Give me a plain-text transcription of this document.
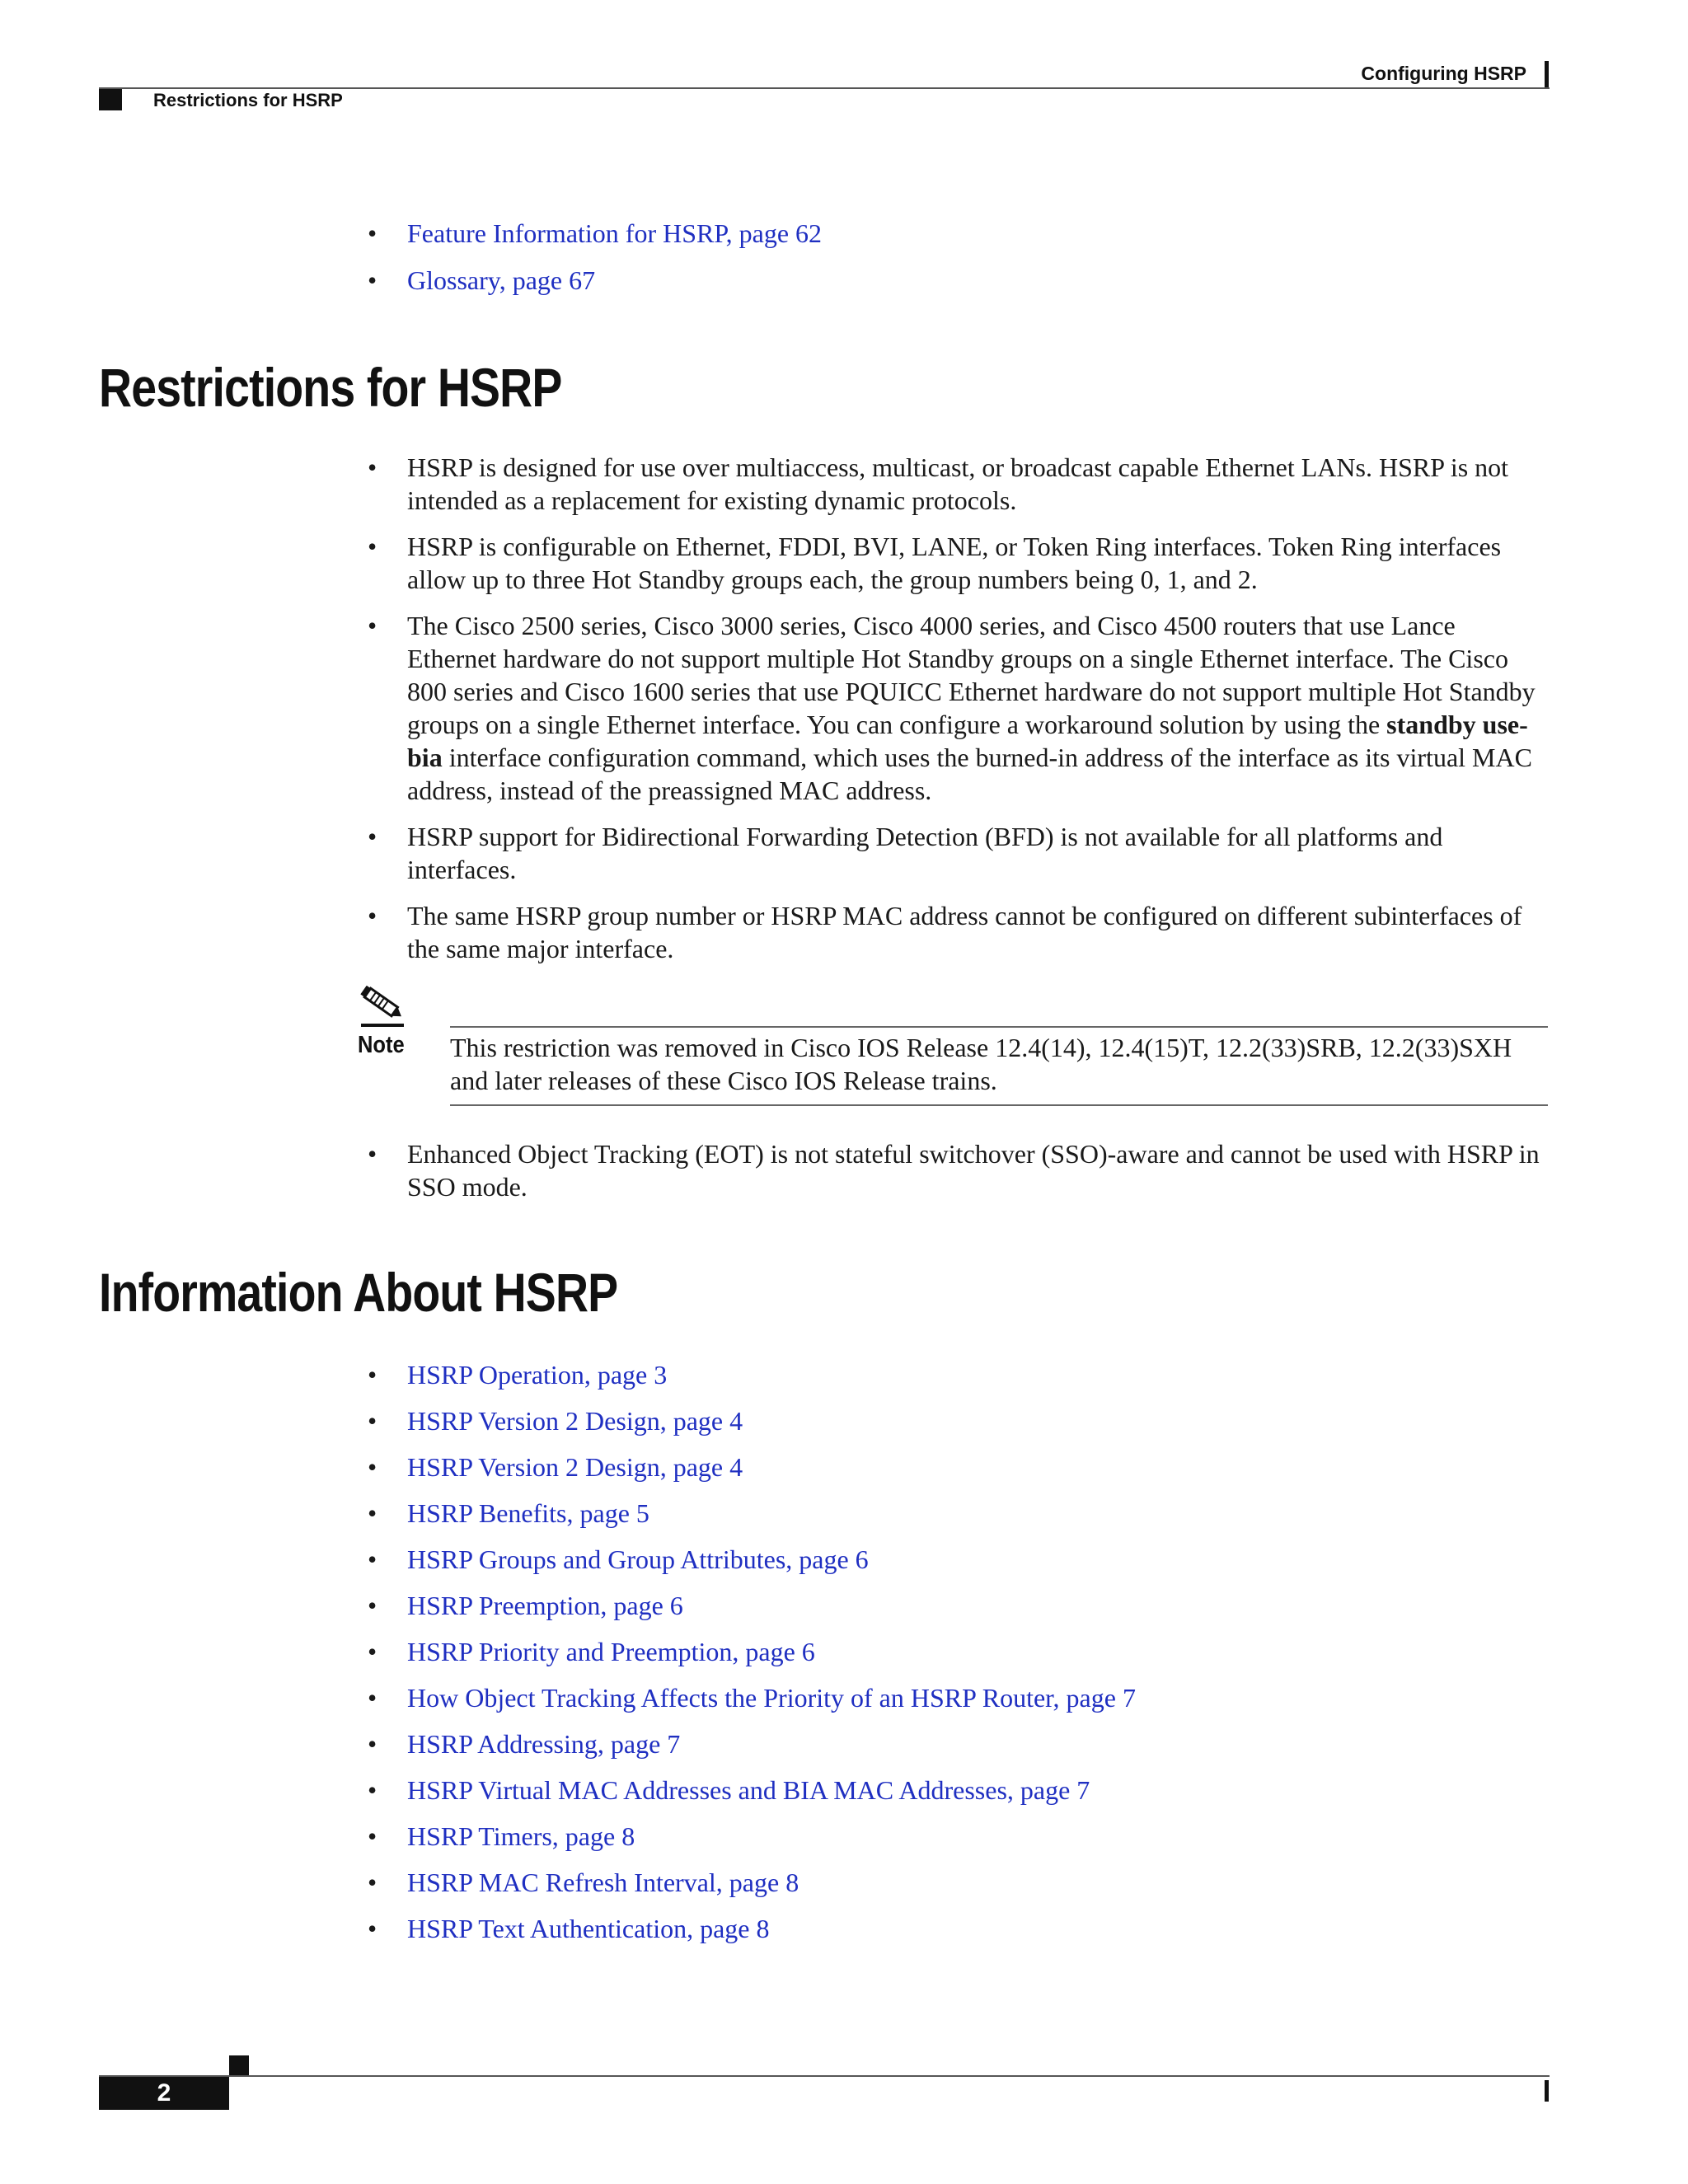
Configuring HSRP
Restrictions for HSRP
• Feature Information for HSRP, page 62
• Glossary, page 67
Restrictions for HSRP
• HSRP is designed for use over multiaccess, multicast, or broadcast capable Ethernet LANs. HSRP is not intended as a replacement for existing dynamic protocols.
• HSRP is configurable on Ethernet, FDDI, BVI, LANE, or Token Ring interfaces. Token Ring interfaces allow up to three Hot Standby groups each, the group numbers being 0, 1, and 2.
• The Cisco 2500 series, Cisco 3000 series, Cisco 4000 series, and Cisco 4500 routers that use Lance Ethernet hardware do not support multiple Hot Standby groups on a single Ethernet interface. The Cisco 800 series and Cisco 1600 series that use PQUICC Ethernet hardware do not support multiple Hot Standby groups on a single Ethernet interface. You can configure a workaround solution by using the standby use-bia interface configuration command, which uses the burned-in address of the interface as its virtual MAC address, instead of the preassigned MAC address.
• HSRP support for Bidirectional Forwarding Detection (BFD) is not available for all platforms and interfaces.
• The same HSRP group number or HSRP MAC address cannot be configured on different subinterfaces of the same major interface.
Note This restriction was removed in Cisco IOS Release 12.4(14), 12.4(15)T, 12.2(33)SRB, 12.2(33)SXH and later releases of these Cisco IOS Release trains.
• Enhanced Object Tracking (EOT) is not stateful switchover (SSO)-aware and cannot be used with HSRP in SSO mode.
Information About HSRP
• HSRP Operation, page 3
• HSRP Version 2 Design, page 4
• HSRP Version 2 Design, page 4
• HSRP Benefits, page 5
• HSRP Groups and Group Attributes, page 6
• HSRP Preemption, page 6
• HSRP Priority and Preemption, page 6
• How Object Tracking Affects the Priority of an HSRP Router, page 7
• HSRP Addressing, page 7
• HSRP Virtual MAC Addresses and BIA MAC Addresses, page 7
• HSRP Timers, page 8
• HSRP MAC Refresh Interval, page 8
• HSRP Text Authentication, page 8
2
